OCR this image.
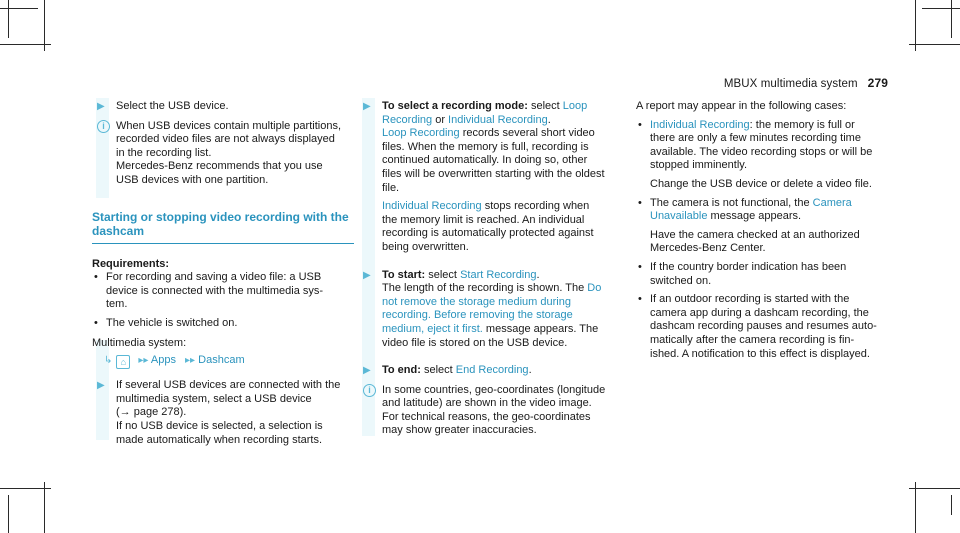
MBUX multimedia system 279
▶ Select the USB device.

i	When USB devices contain multiple partitions,

recorded video files are not always displayed

in the recording list.

Mercedes-Benz recommends that you use

USB devices with one partition.

Starting or stopping video recording with the

dashcam

Requirements:

• For recording and saving a video file: a USB

device is connected with the multimedia sys-

tem.

• The vehicle is switched on.

Multimedia system:

↳ ⌂ ▸▸ Apps ▸▸ Dashcam
▶ If several USB devices are connected with the

multimedia system, select a USB device

(→ page 278).

If no USB device is selected, a selection is

made automatically when recording starts.

▶ To select a recording mode: select Loop

Recording or Individual Recording.

Loop Recording records several short video

files. When the memory is full, recording is

continued automatically. In doing so, other

files will be overwritten starting with the oldest

file.

Individual Recording stops recording when

the memory limit is reached. An individual

recording is automatically protected against

being overwritten.

▶ To start: select Start Recording.

The length of the recording is shown. The Do

not remove the storage medium during

recording. Before removing the storage

medium, eject it first. message appears. The

video file is stored on the USB device.

▶ To end: select End Recording.

i	In some countries, geo-coordinates (longitude

and latitude) are shown in the video image.

For technical reasons, the geo-coordinates

may show greater inaccuracies.

A report may appear in the following cases:

• Individual Recording: the memory is full or

there are only a few minutes recording time

available. The video recording stops or will be

stopped imminently.

Change the USB device or delete a video file.

• The camera is not functional, the Camera

Unavailable message appears.

Have the camera checked at an authorized

Mercedes-Benz Center.

• If the country border indication has been

switched on.

• If an outdoor recording is started with the

camera app during a dashcam recording, the

dashcam recording pauses and resumes auto-

matically after the camera recording is fin-

ished. A notification to this effect is displayed.
